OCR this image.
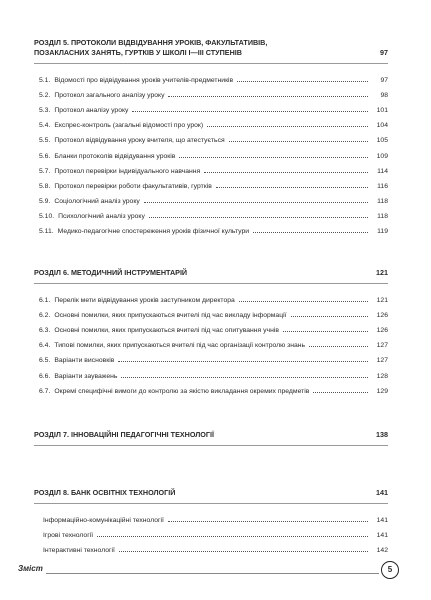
РОЗДІЛ 5. ПРОТОКОЛИ ВІДВІДУВАННЯ УРОКІВ, ФАКУЛЬТАТИВІВ,
ПОЗАКЛАСНИХ ЗАНЯТЬ, ГУРТКІВ У ШКОЛІ І—ІІІ СТУПЕНІВ	97
5.1. Відомості про відвідування уроків учителів-предметників	97
5.2. Протокол загального аналізу уроку	98
5.3. Протокол аналізу уроку	101
5.4. Експрес-контроль (загальні відомості про урок)	104
5.5. Протокол відвідування уроку вчителя, що атестується	105
5.6. Бланки протоколів відвідування уроків	109
5.7. Протокол перевірки індивідуального навчання	114
5.8. Протокол перевірки роботи факультативів, гуртків	116
5.9. Соціологічний аналіз уроку	118
5.10. Психологічний аналіз уроку	118
5.11. Медико-педагогічне спостереження уроків фізичної культури	119
РОЗДІЛ 6. МЕТОДИЧНИЙ ІНСТРУМЕНТАРІЙ	121
6.1. Перелік мети відвідування уроків заступником директора	121
6.2. Основні помилки, яких припускаються вчителі під час викладу інформації	126
6.3. Основні помилки, яких припускаються вчителі під час опитування учнів	126
6.4. Типові помилки, яких припускаються вчителі під час організації контролю знань	127
6.5. Варіанти висновків	127
6.6. Варіанти зауважень	128
6.7. Окремі специфічні вимоги до контролю за якістю викладання окремих предметів	129
РОЗДІЛ 7. ІННОВАЦІЙНІ ПЕДАГОГІЧНІ ТЕХНОЛОГІЇ	138
РОЗДІЛ 8. БАНК ОСВІТНІХ ТЕХНОЛОГІЙ	141
Інформаційно-комунікаційні технології	141
Ігрові технології	141
Інтерактивні технології	142
Зміст	5
